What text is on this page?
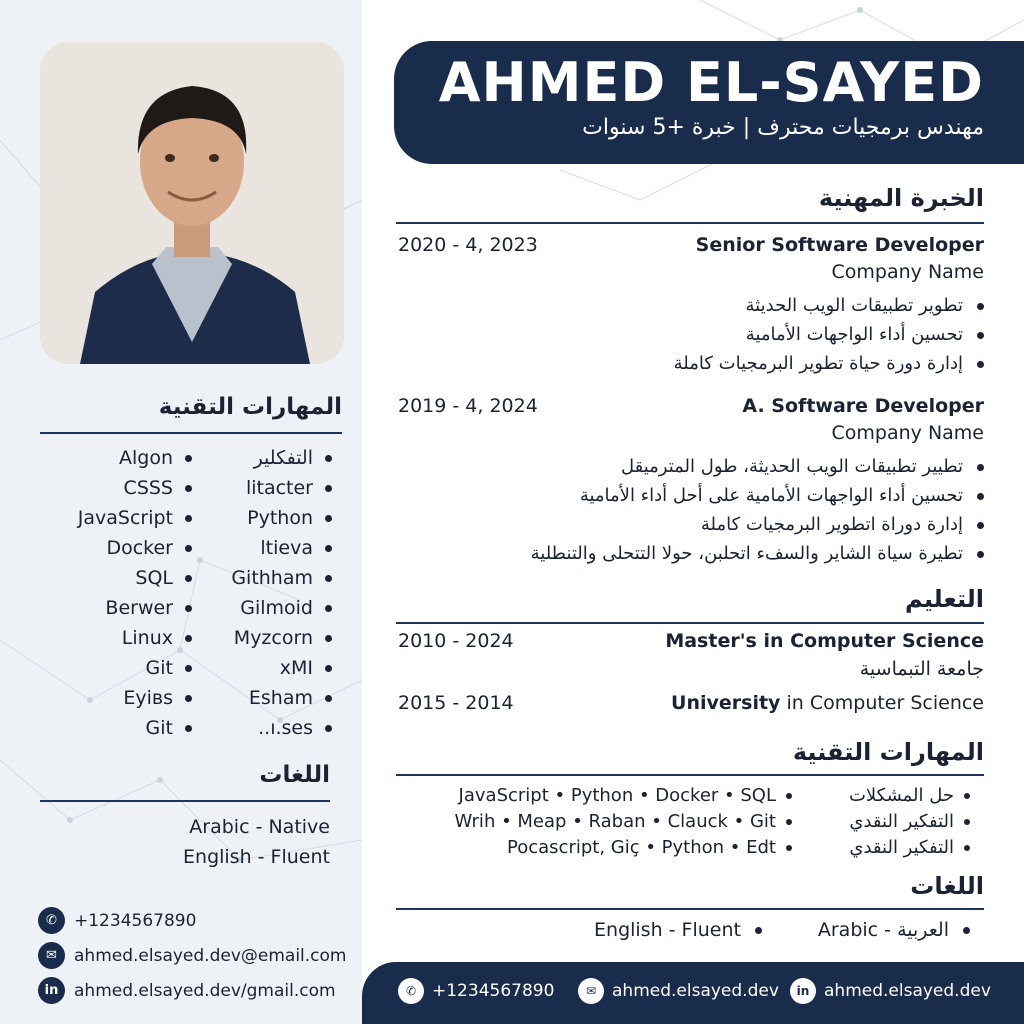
المهارات التقنية
التفكلير
Algon
litacter
CSSS
Python
JavaScript
ltieva
Docker
Githham
SQL
Gilmoid
Berwer
Myzcorn
Linux
xMI
Git
Esham
Eyiвs
..ı.ses
Git
اللغات
Arabic - Native
English - Fluent
✆	+1234567890
✉	ahmed.elsayed.dev@email.com
in ahmed.elsayed.dev/gmail.com
AHMED EL-SAYED
مهندس برمجيات محترف | خبرة +5 سنوات
الخبرة المهنية
Senior Software Developer
2020 - 4, 2023
Company Name
تطوير تطبيقات الويب الحديثة
تحسين أداء الواجهات الأمامية
إدارة دورة حياة تطوير البرمجيات كاملة
A. Software Developer
2019 - 4, 2024
Company Name
تطيير تطبيقات الويب الحديثة، طول المترميقل
تحسين أداء الواجهات الأمامية على أحل أداء الأمامية
إدارة دوراة اتطوير البرمجيات كاملة
تطيرة سياة الشاير والسفء اتحلبن، حولا التتحلى والتنطلية
التعليم
Master's in Computer Science
2010 - 2024
جامعة التبماسية
University in Computer Science
2015 - 2014
المهارات التقنية
حل المشكلات
JavaScript • Python • Docker • SQL
التفكير النقدي
Wrih • Meap • Raban • Clauck • Git
التفكير النقدي
Pocascript, Giç • Python • Edt
اللغات
Arabic - العربية
English - Fluent
✆ +1234567890	✉ ahmed.elsayed.dev	in ahmed.elsayed.dev
